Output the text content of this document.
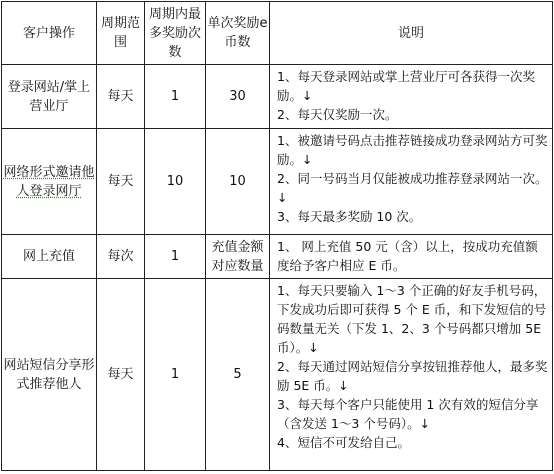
客户操作	周期范围	周期内最多奖励次数	单次奖励e币数	说明
登录网站/掌上营业厅	每天	1	30	1、每天登录网站或掌上营业厅可各获得一次奖励。↓

2、每天仅奖励一次。

网络形式邀请他人登录网厅	每天	10	10	1、被邀请号码点击推荐链接成功登录网站方可奖励。↓

2、同一号码当月仅能被成功推荐登录网站一次。↓

3、每天最多奖励 10 次。

网上充值	每次	1	充值金额对应数量	1、 网上充值 50 元（含）以上，按成功充值额度给予客户相应 E 币。

网站短信分享形式推荐他人	每天	1	5	1、每天只要输入 1～3 个正确的好友手机号码，下发成功后即可获得 5 个 E 币，和下发短信的号码数量无关（下发 1、2、3 个号码都只增加 5E 币）。↓

2、每天通过网站短信分享按钮推荐他人，最多奖励 5E 币。↓

3、每天每个客户只能使用 1 次有效的短信分享（含发送 1～3 个号码）。↓

4、短信不可发给自己。
